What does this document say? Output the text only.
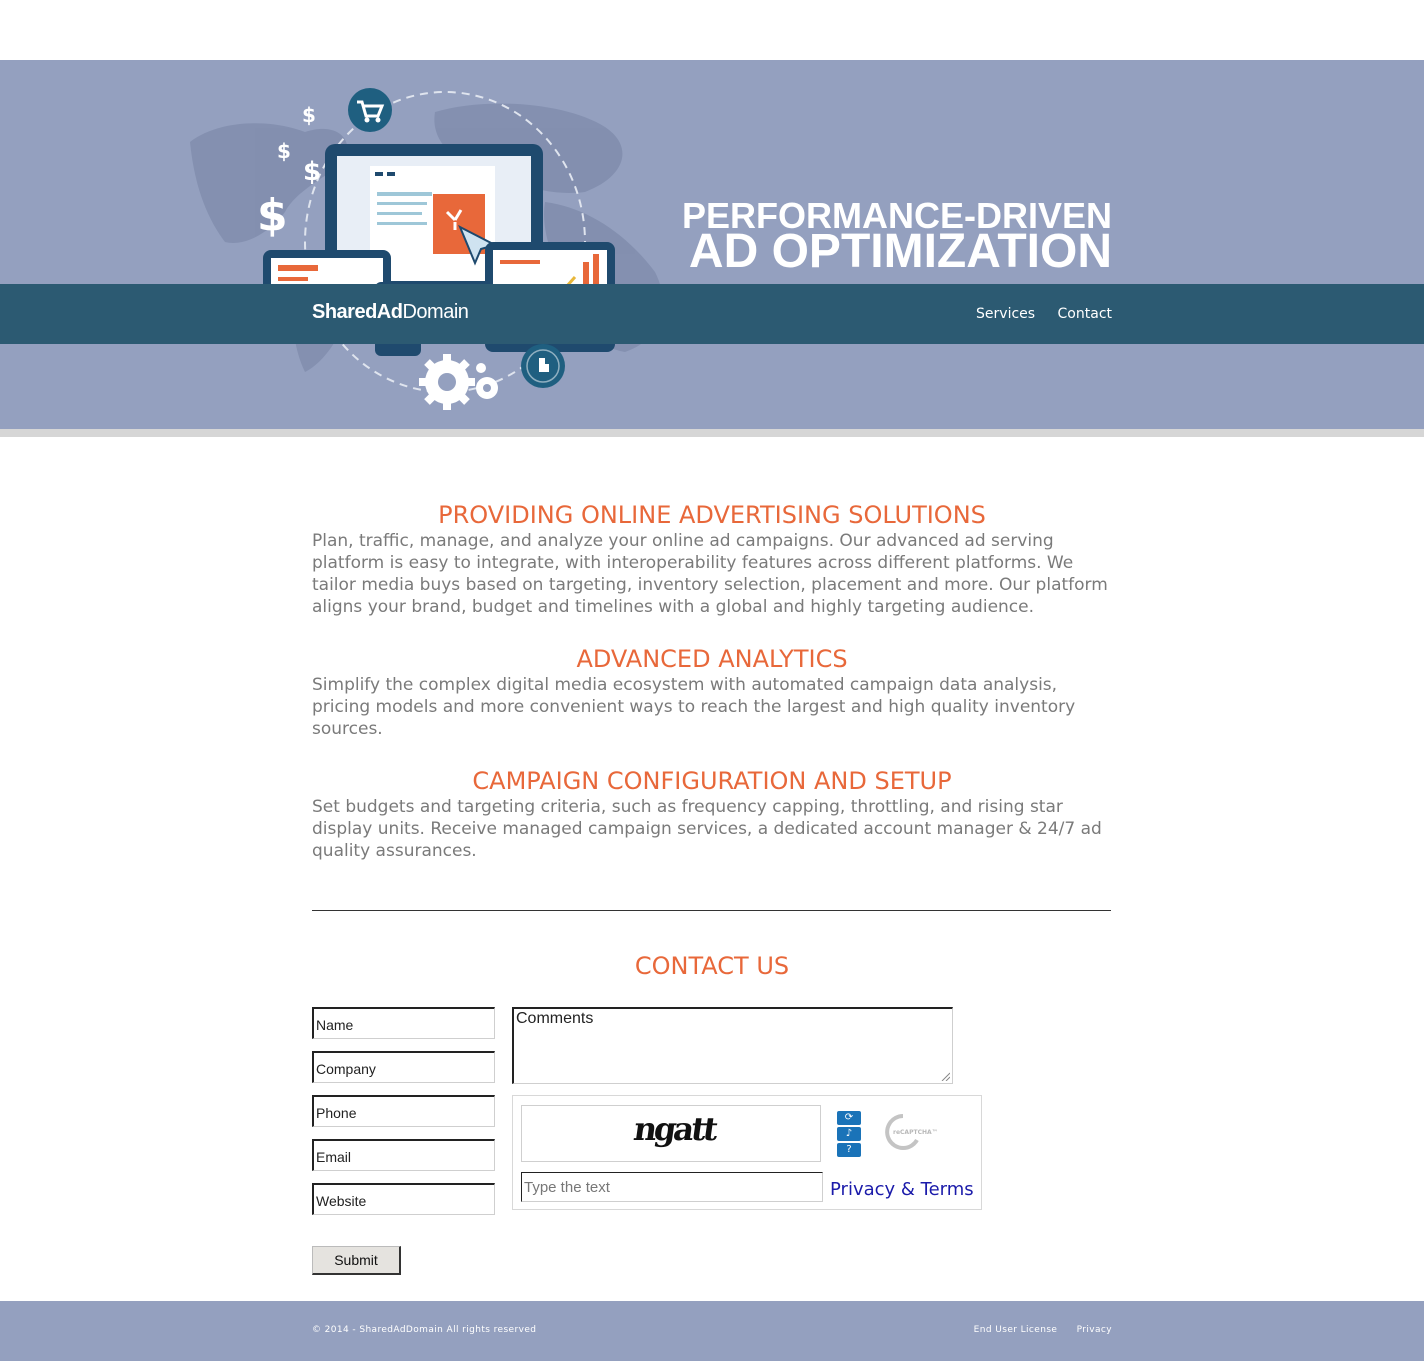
$
$
$
$	PERFORMANCE-DRIVEN
AD OPTIMIZATION
SharedAdDomain	Services Contact
PROVIDING ONLINE ADVERTISING SOLUTIONS

Plan, traffic, manage, and analyze your online ad campaigns. Our advanced ad serving platform is easy to integrate, with interoperability features across different platforms. We tailor media buys based on targeting, inventory selection, placement and more. Our platform aligns your brand, budget and timelines with a global and highly targeting audience.

ADVANCED ANALYTICS

Simplify the complex digital media ecosystem with automated campaign data analysis, pricing models and more convenient ways to reach the largest and high quality inventory sources.

CAMPAIGN CONFIGURATION AND SETUP

Set budgets and targeting criteria, such as frequency capping, throttling, and rising star display units. Receive managed campaign services, a dedicated account manager & 24/7 ad quality assurances.

CONTACT US
Name
Company
Phone
Email
Website
Comments
ngatt	⟳
♪
?
reCAPTCHA™
Type the text	Privacy & Terms
Submit
© 2014 - SharedAdDomain All rights reserved	End User License Privacy
